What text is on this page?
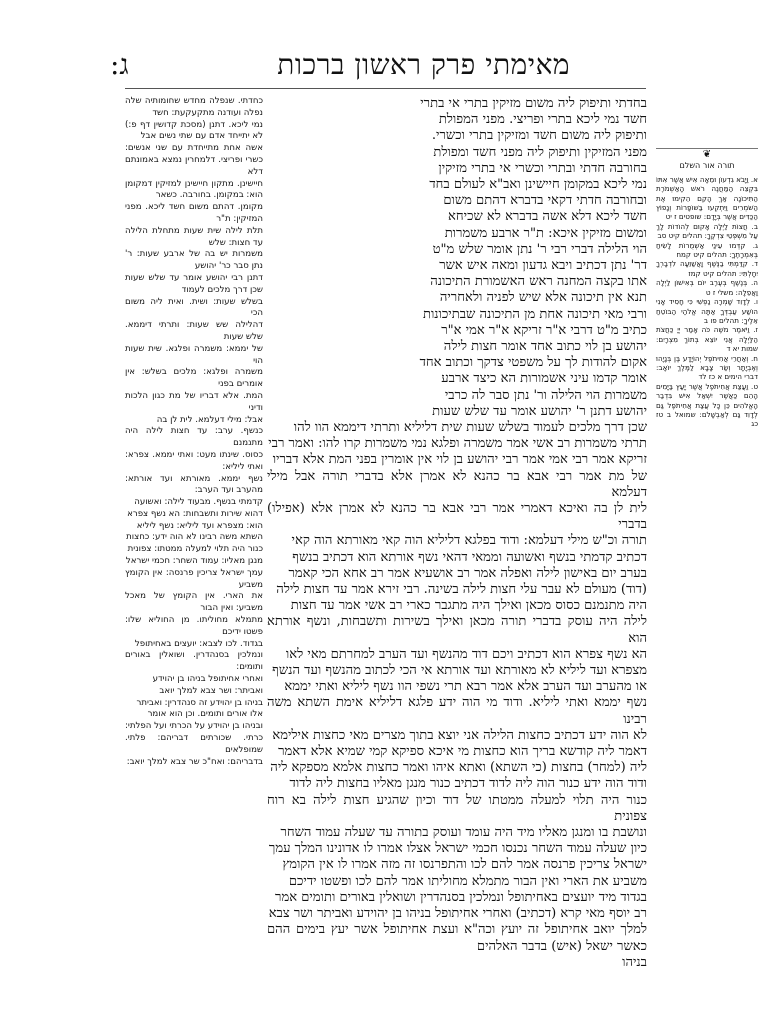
מאימתי פרק ראשון ברכות
ג:
❦
תורה אור השלם
א. וַיָּבֹא גִדְעוֹן וּמֵאָה אִישׁ אֲשֶׁר אִתּוֹ בִּקְצֵה הַמַּחֲנֶה רֹאשׁ הָאַשְׁמֹרֶת הַתִּיכוֹנָה אַךְ הָקֵם הֵקִימוּ אֶת הַשֹּׁמְרִים וַיִּתְקְעוּ בַּשּׁוֹפָרוֹת וְנָפוֹץ הַכַּדִּים אֲשֶׁר בְּיָדָם: שופטים ז יט
ב. חֲצוֹת לַיְלָה אָקוּם לְהוֹדוֹת לָךְ עַל מִשְׁפְּטֵי צִדְקֶךָ: תהלים קיט סב
ג. קִדְּמוּ עֵינַי אַשְׁמֻרוֹת לָשִׂיחַ בְּאִמְרָתֶךָ: תהלים קיט קמח
ד. קִדַּמְתִּי בַנֶּשֶׁף וָאֲשַׁוֵּעָה לִדְבָרְךָ יִחָלְתִּי: תהלים קיט קמז
ה. בְּנֶשֶׁף בְּעֶרֶב יוֹם בְּאִישׁוֹן לַיְלָה וַאֲפֵלָה: משלי ז ט
ו. לְדָוִד שָׁמְרָה נַפְשִׁי כִּי חָסִיד אָנִי הוֹשַׁע עַבְדְּךָ אַתָּה אֱלֹהַי הַבּוֹטֵחַ אֵלֶיךָ: תהלים פו ב
ז. וַיֹּאמֶר משֶׁה כֹּה אָמַר יְיָ כַּחֲצֹת הַלַּיְלָה אֲנִי יוֹצֵא בְּתוֹךְ מִצְרָיִם: שמות יא ד
ח. וְאַחֲרֵי אֲחִיתֹפֶל יְהוֹיָדָע בֶּן בְּנָיָהוּ וְאֶבְיָתָר וְשַׂר צָבָא לַמֶּלֶךְ יוֹאָב: דברי הימים א כז לד
ט. וַעֲצַת אֲחִיתֹפֶל אֲשֶׁר יָעַץ בַּיָּמִים הָהֵם כַּאֲשֶׁר יִשְׁאַל אִישׁ בִּדְבַר הָאֱלֹהִים כֵּן כָּל עֲצַת אֲחִיתֹפֶל גַּם לְדָוִד גַּם לְאַבְשָׁלֹם: שמואל ב טז כג
בחדתי ותיפוק ליה משום מזיקין בתרי אי בתרי
חשד נמי ליכא בתרי ופריצי. מפני המפולת
ותיפוק ליה משום חשד ומזיקין בתרי וכשרי.
מפני המזיקין ותיפוק ליה מפני חשד ומפולת
בחורבה חדתי ובתרי וכשרי אי בתרי מזיקין
נמי ליכא במקומן חיישינן ואב"א לעולם בחד
ובחורבה חדתי דקאי בדברא דהתם משום
חשד ליכא דלא אשה בדברא לא שכיחא
ומשום מזיקין איכא: ת"ר ארבע משמרות
הוי הלילה דברי רבי ר' נתן אומר שלש מ"ט
דר' נתן דכתיב ויבא גדעון ומאה איש אשר
אתו בקצה המחנה ראש האשמורת התיכונה
תנא אין תיכונה אלא שיש לפניה ולאחריה
ורבי מאי תיכונה אחת מן התיכונה שבתיכונות
כתיב מ"ט דרבי א"ר זריקא א"ר אמי א"ר
יהושע בן לוי כתוב אחד אומר חצות לילה
אקום להודות לך על משפטי צדקך וכתוב אחד
אומר קדמו עיני אשמורות הא כיצד ארבע
משמרות הוי הלילה ור' נתן סבר לה כרבי
יהושע דתנן ר' יהושע אומר עד שלש שעות
שכן דרך מלכים לעמוד בשלש שעות שית דליליא ותרתי דיממא הוו להו
תרתי משמרות רב אשי אמר משמרה ופלגא נמי משמרות קרו להו: ואמר רבי
זריקא אמר רבי אמי אמר רבי יהושע בן לוי אין אומרין בפני המת אלא דבריו
של מת אמר רבי אבא בר כהנא לא אמרן אלא בדברי תורה אבל מילי דעלמא
לית לן בה ואיכא דאמרי אמר רבי אבא בר כהנא לא אמרן אלא (אפילו) בדברי
תורה וכ"ש מילי דעלמא: ודוד בפלגא דליליא הוה קאי מאורתא הוה קאי
דכתיב קדמתי בנשף ואשועה וממאי דהאי נשף אורתא הוא דכתיב בנשף
בערב יום באישון לילה ואפלה אמר רב אושעיא אמר רב אחא הכי קאמר
(דוד) מעולם לא עבר עלי חצות לילה בשינה. רבי זירא אמר עד חצות לילה
היה מתנמנם כסוס מכאן ואילך היה מתגבר כארי רב אשי אמר עד חצות
לילה היה עוסק בדברי תורה מכאן ואילך בשירות ותשבחות, ונשף אורתא הוא
הא נשף צפרא הוא דכתיב ויכם דוד מהנשף ועד הערב למחרתם מאי לאו
מצפרא ועד ליליא לא מאורתא ועד אורתא אי הכי לכתוב מהנשף ועד הנשף
או מהערב ועד הערב אלא אמר רבא תרי נשפי הוו נשף ליליא ואתי יממא
נשף יממא ואתי ליליא. ודוד מי הוה ידע פלגא דליליא אימת השתא משה רבינו
לא הוה ידע דכתיב כחצות הלילה אני יוצא בתוך מצרים מאי כחצות אילימא
דאמר ליה קודשא בריך הוא כחצות מי איכא ספיקא קמי שמיא אלא דאמר
ליה (למחר) בחצות (כי השתא) ואתא איהו ואמר כחצות אלמא מספקא ליה
ודוד הוה ידע כנור הוה ליה לדוד דכתיב כנור מנגן מאליו בחצות ליה לדוד
כנור היה תלוי למעלה ממטתו של דוד וכיון שהגיע חצות לילה בא רוח צפונית
ונושבת בו ומנגן מאליו מיד היה עומד ועוסק בתורה עד שעלה עמוד השחר
כיון שעלה עמוד השחר נכנסו חכמי ישראל אצלו אמרו לו אדונינו המלך עמך
ישראל צריכין פרנסה אמר להם לכו והתפרנסו זה מזה אמרו לו אין הקומץ
משביע את הארי ואין הבור מתמלא מחוליתו אמר להם לכו ופשטו ידיכם
בגדוד מיד יועצים באחיתופל ונמלכין בסנהדרין ושואלין באורים ותומים אמר
רב יוסף מאי קרא (דכתיב) ואחרי אחיתופל בניהו בן יהוידע ואביתר ושר צבא
למלך יואב אחיתופל זה יועץ וכה"א ועצת אחיתופל אשר יעץ בימים ההם כאשר ישאל (איש) בדבר האלהים
בניהו
כחדתי. שנפלה מחדש שחומותיה שלה נפלה ועודנה מתקעקעת: חשד
נמי ליכא. דתנן (מסכת קדושין דף פ:) לא יתייחד אדם עם שתי נשים אבל
אשה אחת מתייחדת עם שני אנשים: כשרי ופריצי. דלמחרין נמצא באמונתם דלא
חיישינן. מתקון חיישינן למזיקין דמקומן הוא: במקומן. בחורבה. כשאר
מקומן. דהתם משום חשד ליכא. מפני המזיקין: ת"ר
תלת לילה שית שעות מתחלת הלילה עד חצות: שלש
משמרות יש בה של ארבע שעות: ר' נתן סבר כר' יהושע
דתנן רבי יהושע אומר עד שלש שעות שכן דרך מלכים לעמוד
בשלש שעות: ושית. ואית ליה משום הכי
דהלילה שש שעות: ותרתי דיממא. שלש שעות
של יממא: משמרה ופלגא. שית שעות הוי
משמרה ופלגא: מלכים בשלש: אין אומרים בפני
המת. אלא דבריו של מת כגון הלכות ודיני
אבל: מילי דעלמא. לית לן בה
כנשף. ערב: עד חצות לילה היה מתנמנם
כסוס. שינתו מעט: ואתי יממא. צפרא: ואתי ליליא:
נשף יממא. מאורתא ועד אורתא: מהערב ועד הערב:
קדמתי בנשף. מבעוד לילה: ואשועה
דהוא שירות ותשבחות: הא נשף צפרא
הוא: מצפרא ועד ליליא: נשף ליליא
השתא משה רבינו לא הוה ידע: כחצות
כנור היה תלוי למעלה ממטתו: צפונית
מנגן מאליו: עמוד השחר: חכמי ישראל
עמך ישראל צריכין פרנסה: אין הקומץ משביע
את הארי. אין הקומץ של מאכל משביע: ואין הבור
מתמלא מחוליתו. מן החוליא שלו: פשטו ידיכם
בגדוד. לכו לצבא: יועצים באחיתופל
ונמלכין בסנהדרין. ושואלין באורים ותומים:
ואחרי אחיתופל בניהו בן יהוידע
ואביתר: ושר צבא למלך יואב
בניהו בן יהוידע זה סנהדרין: ואביתר
אלו אורים ותומים. וכן הוא אומר
ובניהו בן יהוידע על הכרתי ועל הפלתי:
כרתי. שכורתים דבריהם: פלתי. שמופלאים
בדבריהם: ואח"כ שר צבא למלך יואב:
